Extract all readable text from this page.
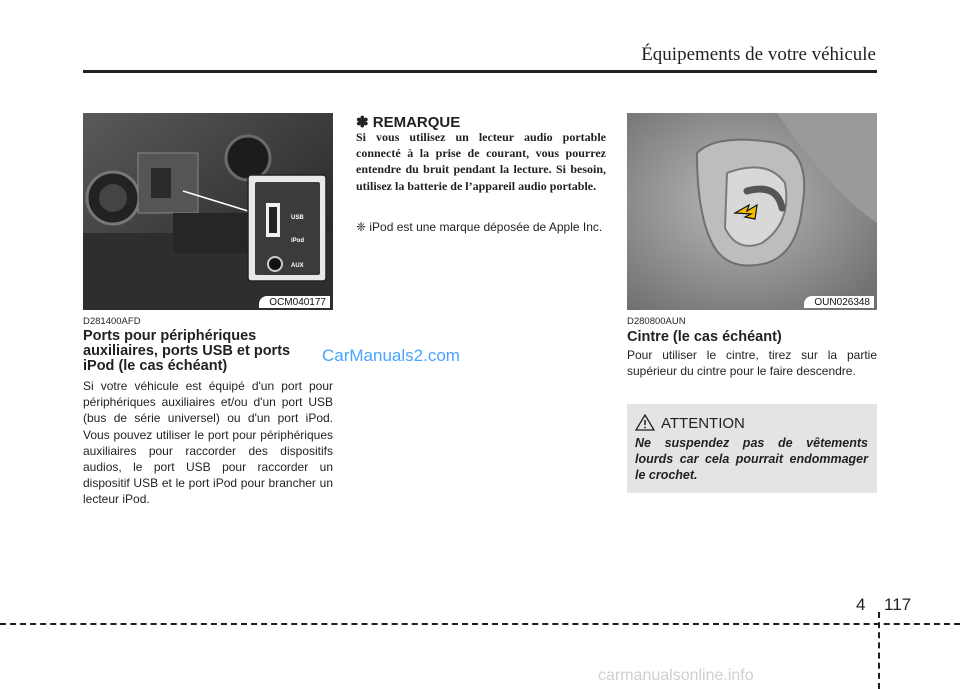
Équipements de votre véhicule
USB
iPod
AUX
OCM040177
D281400AFD
Ports pour périphériques
auxiliaires, ports USB et ports
iPod (le cas échéant)
Si votre véhicule est équipé d'un port pour périphériques auxiliaires et/ou d'un port USB (bus de série universel) ou d'un port iPod. Vous pouvez utiliser le port pour périphériques auxiliaires pour raccorder des dispositifs audios, le port USB pour raccorder un dispositif USB et le port iPod pour brancher un lecteur iPod.
✽ REMARQUE
Si vous utilisez un lecteur audio portable connecté à la prise de courant, vous pourrez entendre du bruit pendant la lecture. Si besoin, utilisez la batterie de l’appareil audio portable.
❈ iPod est une marque déposée de Apple Inc.
OUN026348
D280800AUN
Cintre (le cas échéant)
Pour utiliser le cintre, tirez sur la partie supérieur du cintre pour le faire descendre.
ATTENTION
Ne suspendez pas de vêtements lourds car cela pourrait endommager le crochet.
CarManuals2.com
4 117
carmanualsonline.info
